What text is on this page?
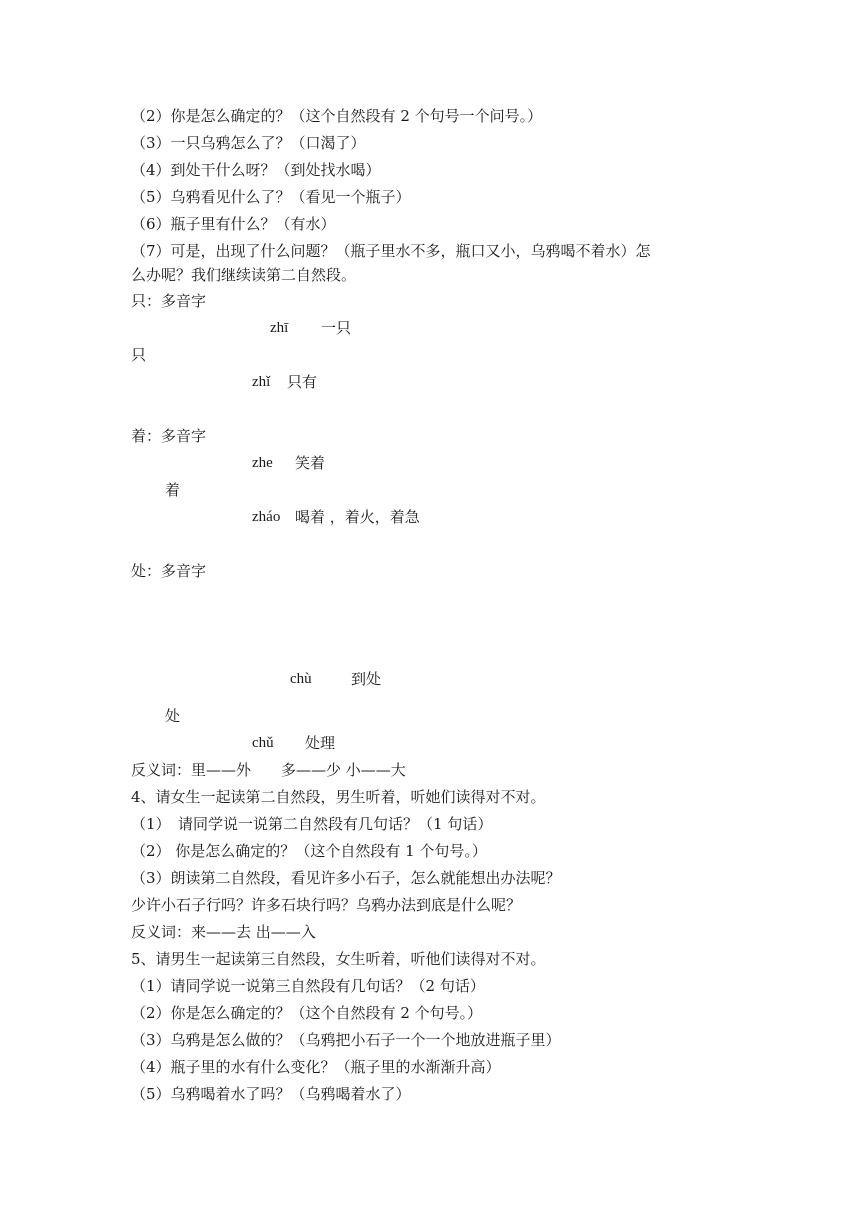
（2）你是怎么确定的？（这个自然段有 2 个句号一个问号。）
（3）一只乌鸦怎么了？（口渴了）
（4）到处干什么呀？（到处找水喝）
（5）乌鸦看见什么了？（看见一个瓶子）
（6）瓶子里有什么？（有水）
（7）可是，出现了什么问题？（瓶子里水不多，瓶口又小，乌鸦喝不着水）怎
么办呢？我们继续读第二自然段。
只：多音字
zhī 一只
只
zhǐ 只有
着：多音字
zhe 笑着
着
zháo 喝着 ，着火，着急
处：多音字
chù	到处
处
chǔ 处理
反义词：里——外　　多——少 小——大
4、请女生一起读第二自然段，男生听着，听她们读得对不对。
（1）　请同学说一说第二自然段有几句话？（1 句话）
（2） 你是怎么确定的？（这个自然段有 1 个句号。）
（3）朗读第二自然段，看见许多小石子，怎么就能想出办法呢？
少许小石子行吗？许多石块行吗？乌鸦办法到底是什么呢？
反义词：来——去 出——入
5、请男生一起读第三自然段，女生听着，听他们读得对不对。
（1）请同学说一说第三自然段有几句话？（2 句话）
（2）你是怎么确定的？（这个自然段有 2 个句号。）
（3）乌鸦是怎么做的？（乌鸦把小石子一个一个地放进瓶子里）
（4）瓶子里的水有什么变化？（瓶子里的水渐渐升高）
（5）乌鸦喝着水了吗？（乌鸦喝着水了）
